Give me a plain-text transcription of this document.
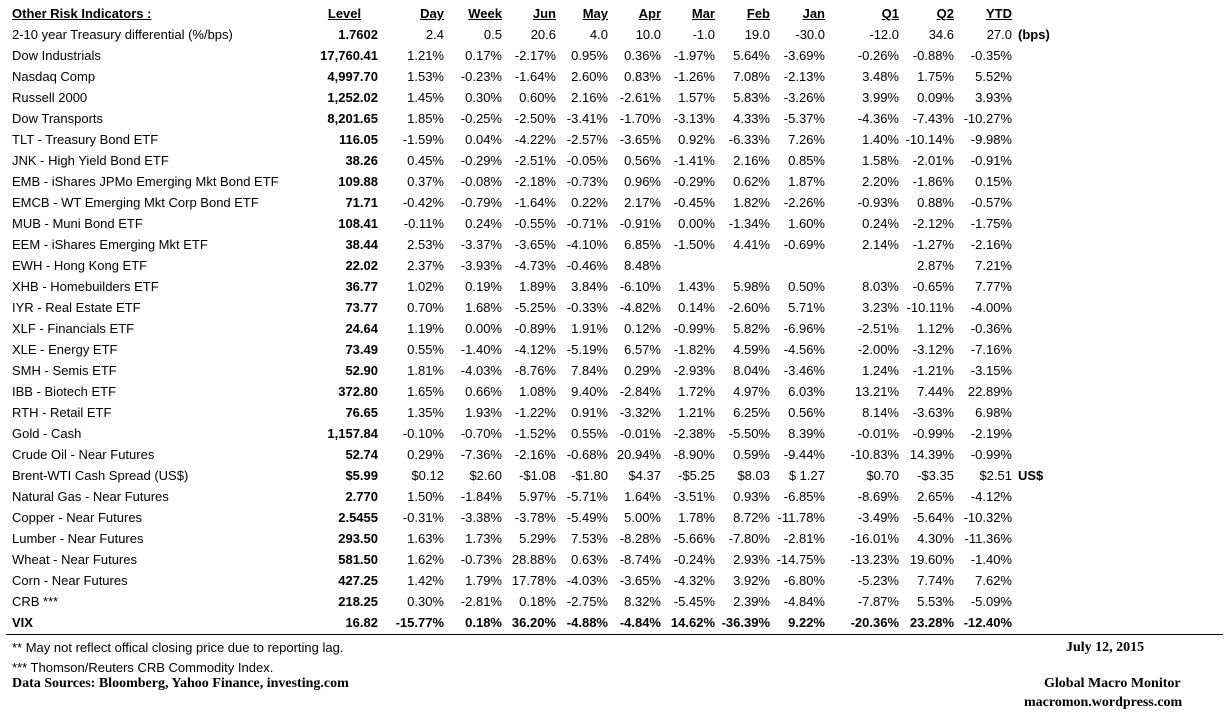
Other Risk Indicators :	Level	Day	Week	Jun	May	Apr	Mar	Feb	Jan	Q1	Q2	YTD	
2-10 year Treasury differential (%/bps)	1.7602	2.4	0.5	20.6	4.0	10.0	-1.0	19.0	-30.0	-12.0	34.6	27.0	(bps)
Dow Industrials	17,760.41	1.21%	0.17%	-2.17%	0.95%	0.36%	-1.97%	5.64%	-3.69%	-0.26%	-0.88%	-0.35%	
Nasdaq Comp	4,997.70	1.53%	-0.23%	-1.64%	2.60%	0.83%	-1.26%	7.08%	-2.13%	3.48%	1.75%	5.52%	
Russell 2000	1,252.02	1.45%	0.30%	0.60%	2.16%	-2.61%	1.57%	5.83%	-3.26%	3.99%	0.09%	3.93%	
Dow Transports	8,201.65	1.85%	-0.25%	-2.50%	-3.41%	-1.70%	-3.13%	4.33%	-5.37%	-4.36%	-7.43%	-10.27%	
TLT - Treasury Bond ETF	116.05	-1.59%	0.04%	-4.22%	-2.57%	-3.65%	0.92%	-6.33%	7.26%	1.40%	-10.14%	-9.98%	
JNK - High Yield Bond ETF	38.26	0.45%	-0.29%	-2.51%	-0.05%	0.56%	-1.41%	2.16%	0.85%	1.58%	-2.01%	-0.91%	
EMB - iShares JPMo Emerging Mkt Bond ETF	109.88	0.37%	-0.08%	-2.18%	-0.73%	0.96%	-0.29%	0.62%	1.87%	2.20%	-1.86%	0.15%	
EMCB - WT Emerging Mkt Corp Bond ETF	71.71	-0.42%	-0.79%	-1.64%	0.22%	2.17%	-0.45%	1.82%	-2.26%	-0.93%	0.88%	-0.57%	
MUB - Muni Bond ETF	108.41	-0.11%	0.24%	-0.55%	-0.71%	-0.91%	0.00%	-1.34%	1.60%	0.24%	-2.12%	-1.75%	
EEM - iShares Emerging Mkt ETF	38.44	2.53%	-3.37%	-3.65%	-4.10%	6.85%	-1.50%	4.41%	-0.69%	2.14%	-1.27%	-2.16%	
EWH - Hong Kong ETF	22.02	2.37%	-3.93%	-4.73%	-0.46%	8.48%					2.87%	7.21%	
XHB - Homebuilders ETF	36.77	1.02%	0.19%	1.89%	3.84%	-6.10%	1.43%	5.98%	0.50%	8.03%	-0.65%	7.77%	
IYR - Real Estate ETF	73.77	0.70%	1.68%	-5.25%	-0.33%	-4.82%	0.14%	-2.60%	5.71%	3.23%	-10.11%	-4.00%	
XLF - Financials ETF	24.64	1.19%	0.00%	-0.89%	1.91%	0.12%	-0.99%	5.82%	-6.96%	-2.51%	1.12%	-0.36%	
XLE - Energy ETF	73.49	0.55%	-1.40%	-4.12%	-5.19%	6.57%	-1.82%	4.59%	-4.56%	-2.00%	-3.12%	-7.16%	
SMH - Semis ETF	52.90	1.81%	-4.03%	-8.76%	7.84%	0.29%	-2.93%	8.04%	-3.46%	1.24%	-1.21%	-3.15%	
IBB - Biotech ETF	372.80	1.65%	0.66%	1.08%	9.40%	-2.84%	1.72%	4.97%	6.03%	13.21%	7.44%	22.89%	
RTH - Retail ETF	76.65	1.35%	1.93%	-1.22%	0.91%	-3.32%	1.21%	6.25%	0.56%	8.14%	-3.63%	6.98%	
Gold - Cash	1,157.84	-0.10%	-0.70%	-1.52%	0.55%	-0.01%	-2.38%	-5.50%	8.39%	-0.01%	-0.99%	-2.19%	
Crude Oil - Near Futures	52.74	0.29%	-7.36%	-2.16%	-0.68%	20.94%	-8.90%	0.59%	-9.44%	-10.83%	14.39%	-0.99%	
Brent-WTI Cash Spread (US$)	$5.99	$0.12	$2.60	-$1.08	-$1.80	$4.37	-$5.25	$8.03	$ 1.27	$0.70	-$3.35	$2.51	US$
Natural Gas - Near Futures	2.770	1.50%	-1.84%	5.97%	-5.71%	1.64%	-3.51%	0.93%	-6.85%	-8.69%	2.65%	-4.12%	
Copper - Near Futures	2.5455	-0.31%	-3.38%	-3.78%	-5.49%	5.00%	1.78%	8.72%	-11.78%	-3.49%	-5.64%	-10.32%	
Lumber - Near Futures	293.50	1.63%	1.73%	5.29%	7.53%	-8.28%	-5.66%	-7.80%	-2.81%	-16.01%	4.30%	-11.36%	
Wheat - Near Futures	581.50	1.62%	-0.73%	28.88%	0.63%	-8.74%	-0.24%	2.93%	-14.75%	-13.23%	19.60%	-1.40%	
Corn - Near Futures	427.25	1.42%	1.79%	17.78%	-4.03%	-3.65%	-4.32%	3.92%	-6.80%	-5.23%	7.74%	7.62%	
CRB ***	218.25	0.30%	-2.81%	0.18%	-2.75%	8.32%	-5.45%	2.39%	-4.84%	-7.87%	5.53%	-5.09%	
VIX	16.82	-15.77%	0.18%	36.20%	-4.88%	-4.84%	14.62%	-36.39%	9.22%	-20.36%	23.28%	-12.40%	
** May not reflect offical closing price due to reporting lag.
*** Thomson/Reuters CRB Commodity Index.
Data Sources: Bloomberg, Yahoo Finance, investing.com
July 12, 2015
Global Macro Monitor
macromon.wordpress.com
